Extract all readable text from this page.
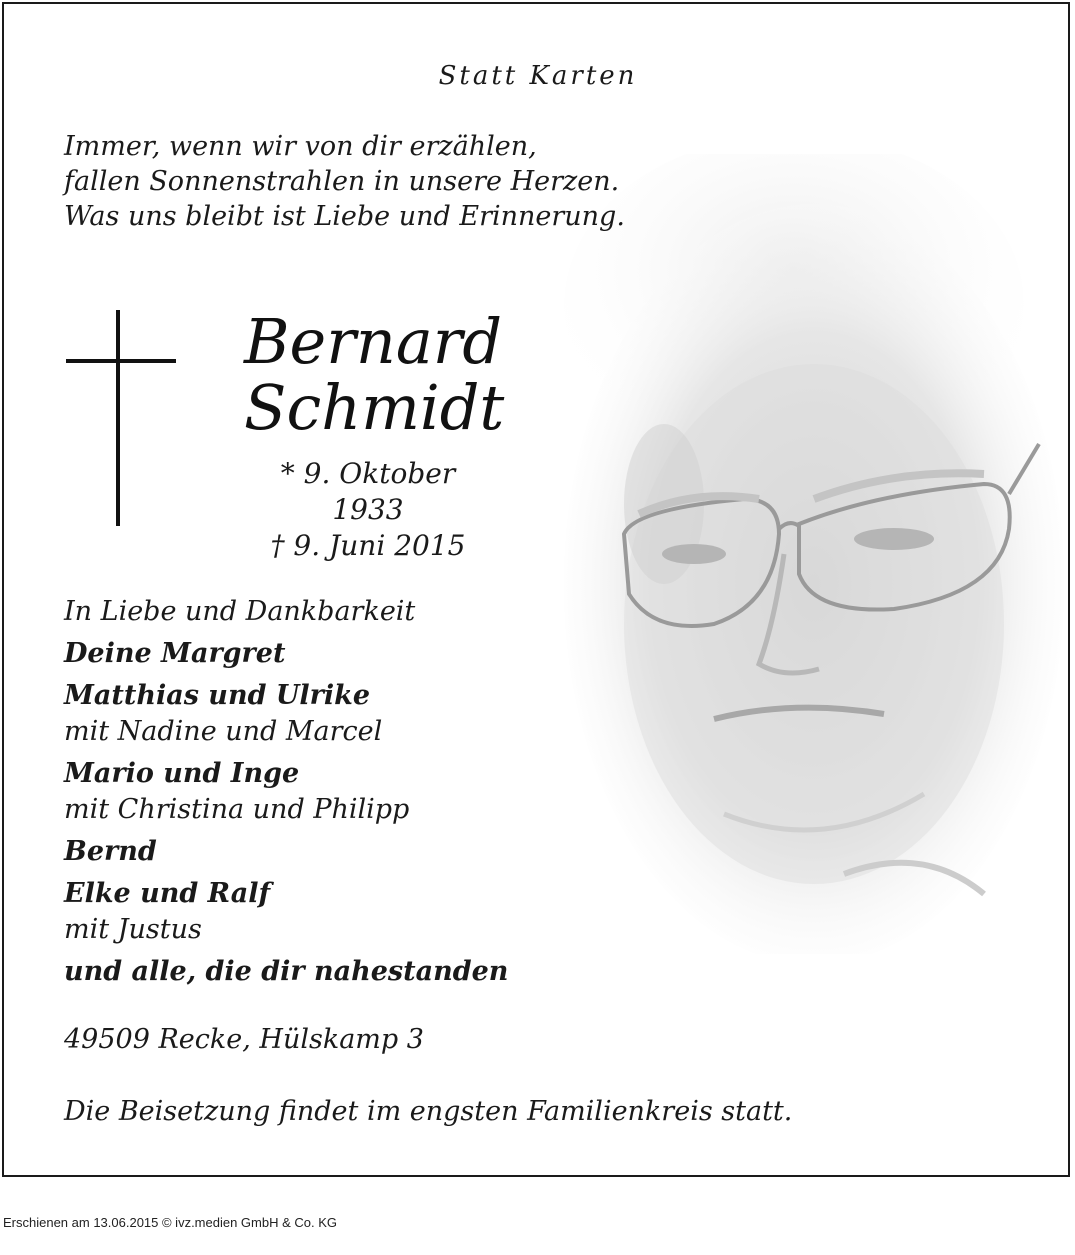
Statt Karten
Immer, wenn wir von dir erzählen,
fallen Sonnenstrahlen in unsere Herzen.
Was uns bleibt ist Liebe und Erinnerung.
Bernard
Schmidt
* 9. Oktober 1933
† 9. Juni 2015
In Liebe und Dankbarkeit
Deine Margret
Matthias und Ulrike
mit Nadine und Marcel
Mario und Inge
mit Christina und Philipp
Bernd
Elke und Ralf
mit Justus
und alle, die dir nahestanden
49509 Recke, Hülskamp 3
Die Beisetzung findet im engsten Familienkreis statt.
Erschienen am 13.06.2015 © ivz.medien GmbH & Co. KG
